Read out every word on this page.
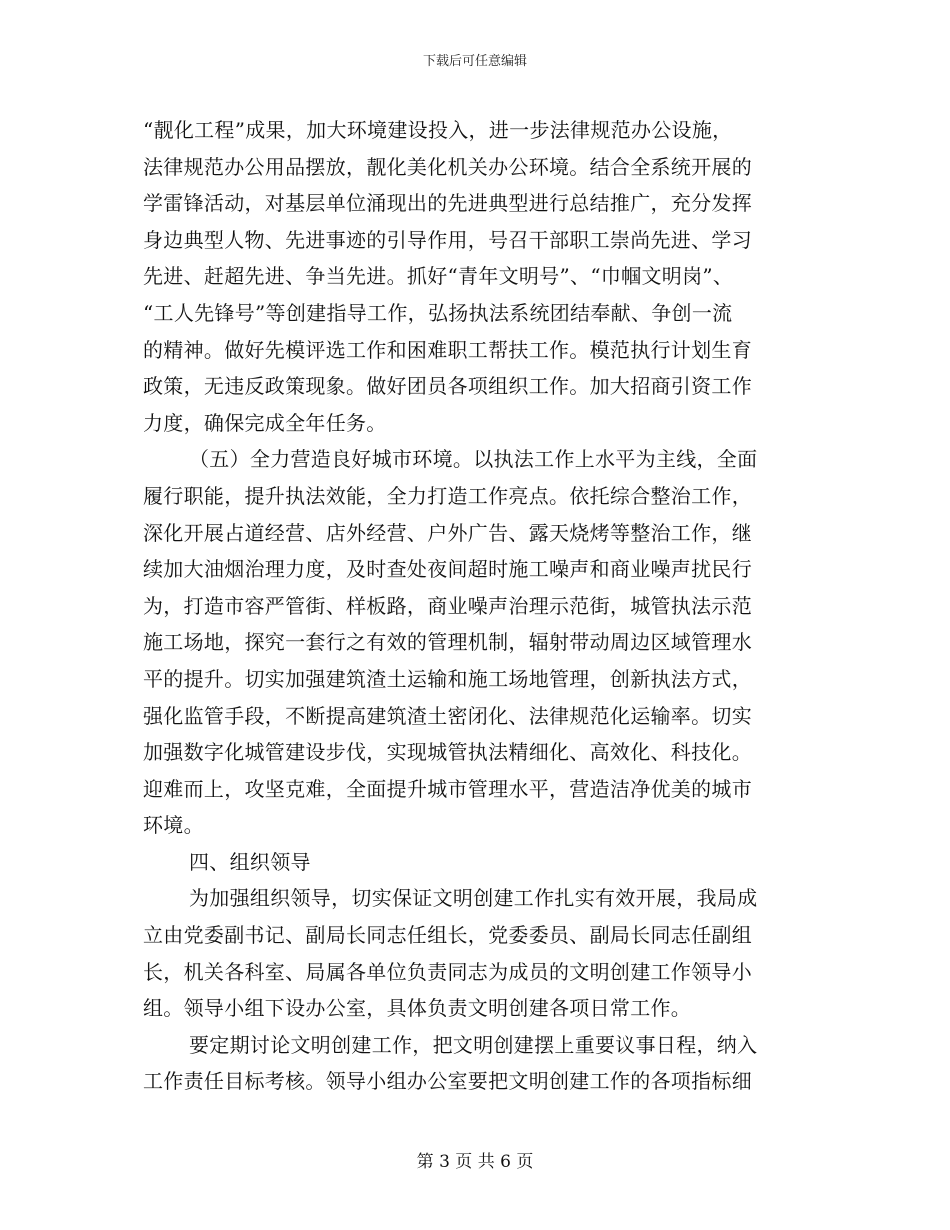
下载后可任意编辑
“靓化工程”成果，加大环境建设投入，进一步法律规范办公设施，
法律规范办公用品摆放，靓化美化机关办公环境。结合全系统开展的
学雷锋活动，对基层单位涌现出的先进典型进行总结推广，充分发挥
身边典型人物、先进事迹的引导作用，号召干部职工崇尚先进、学习
先进、赶超先进、争当先进。抓好“青年文明号”、“巾帼文明岗”、
“工人先锋号”等创建指导工作，弘扬执法系统团结奉献、争创一流
的精神。做好先模评选工作和困难职工帮扶工作。模范执行计划生育
政策，无违反政策现象。做好团员各项组织工作。加大招商引资工作
力度，确保完成全年任务。
（五）全力营造良好城市环境。以执法工作上水平为主线，全面
履行职能，提升执法效能，全力打造工作亮点。依托综合整治工作，
深化开展占道经营、店外经营、户外广告、露天烧烤等整治工作，继
续加大油烟治理力度，及时查处夜间超时施工噪声和商业噪声扰民行
为，打造市容严管街、样板路，商业噪声治理示范街，城管执法示范
施工场地，探究一套行之有效的管理机制，辐射带动周边区域管理水
平的提升。切实加强建筑渣土运输和施工场地管理，创新执法方式，
强化监管手段，不断提高建筑渣土密闭化、法律规范化运输率。切实
加强数字化城管建设步伐，实现城管执法精细化、高效化、科技化。
迎难而上，攻坚克难，全面提升城市管理水平，营造洁净优美的城市
环境。
四、组织领导
为加强组织领导，切实保证文明创建工作扎实有效开展，我局成
立由党委副书记、副局长同志任组长，党委委员、副局长同志任副组
长，机关各科室、局属各单位负责同志为成员的文明创建工作领导小
组。领导小组下设办公室，具体负责文明创建各项日常工作。
要定期讨论文明创建工作，把文明创建摆上重要议事日程，纳入
工作责任目标考核。领导小组办公室要把文明创建工作的各项指标细
第 3 页 共 6 页
